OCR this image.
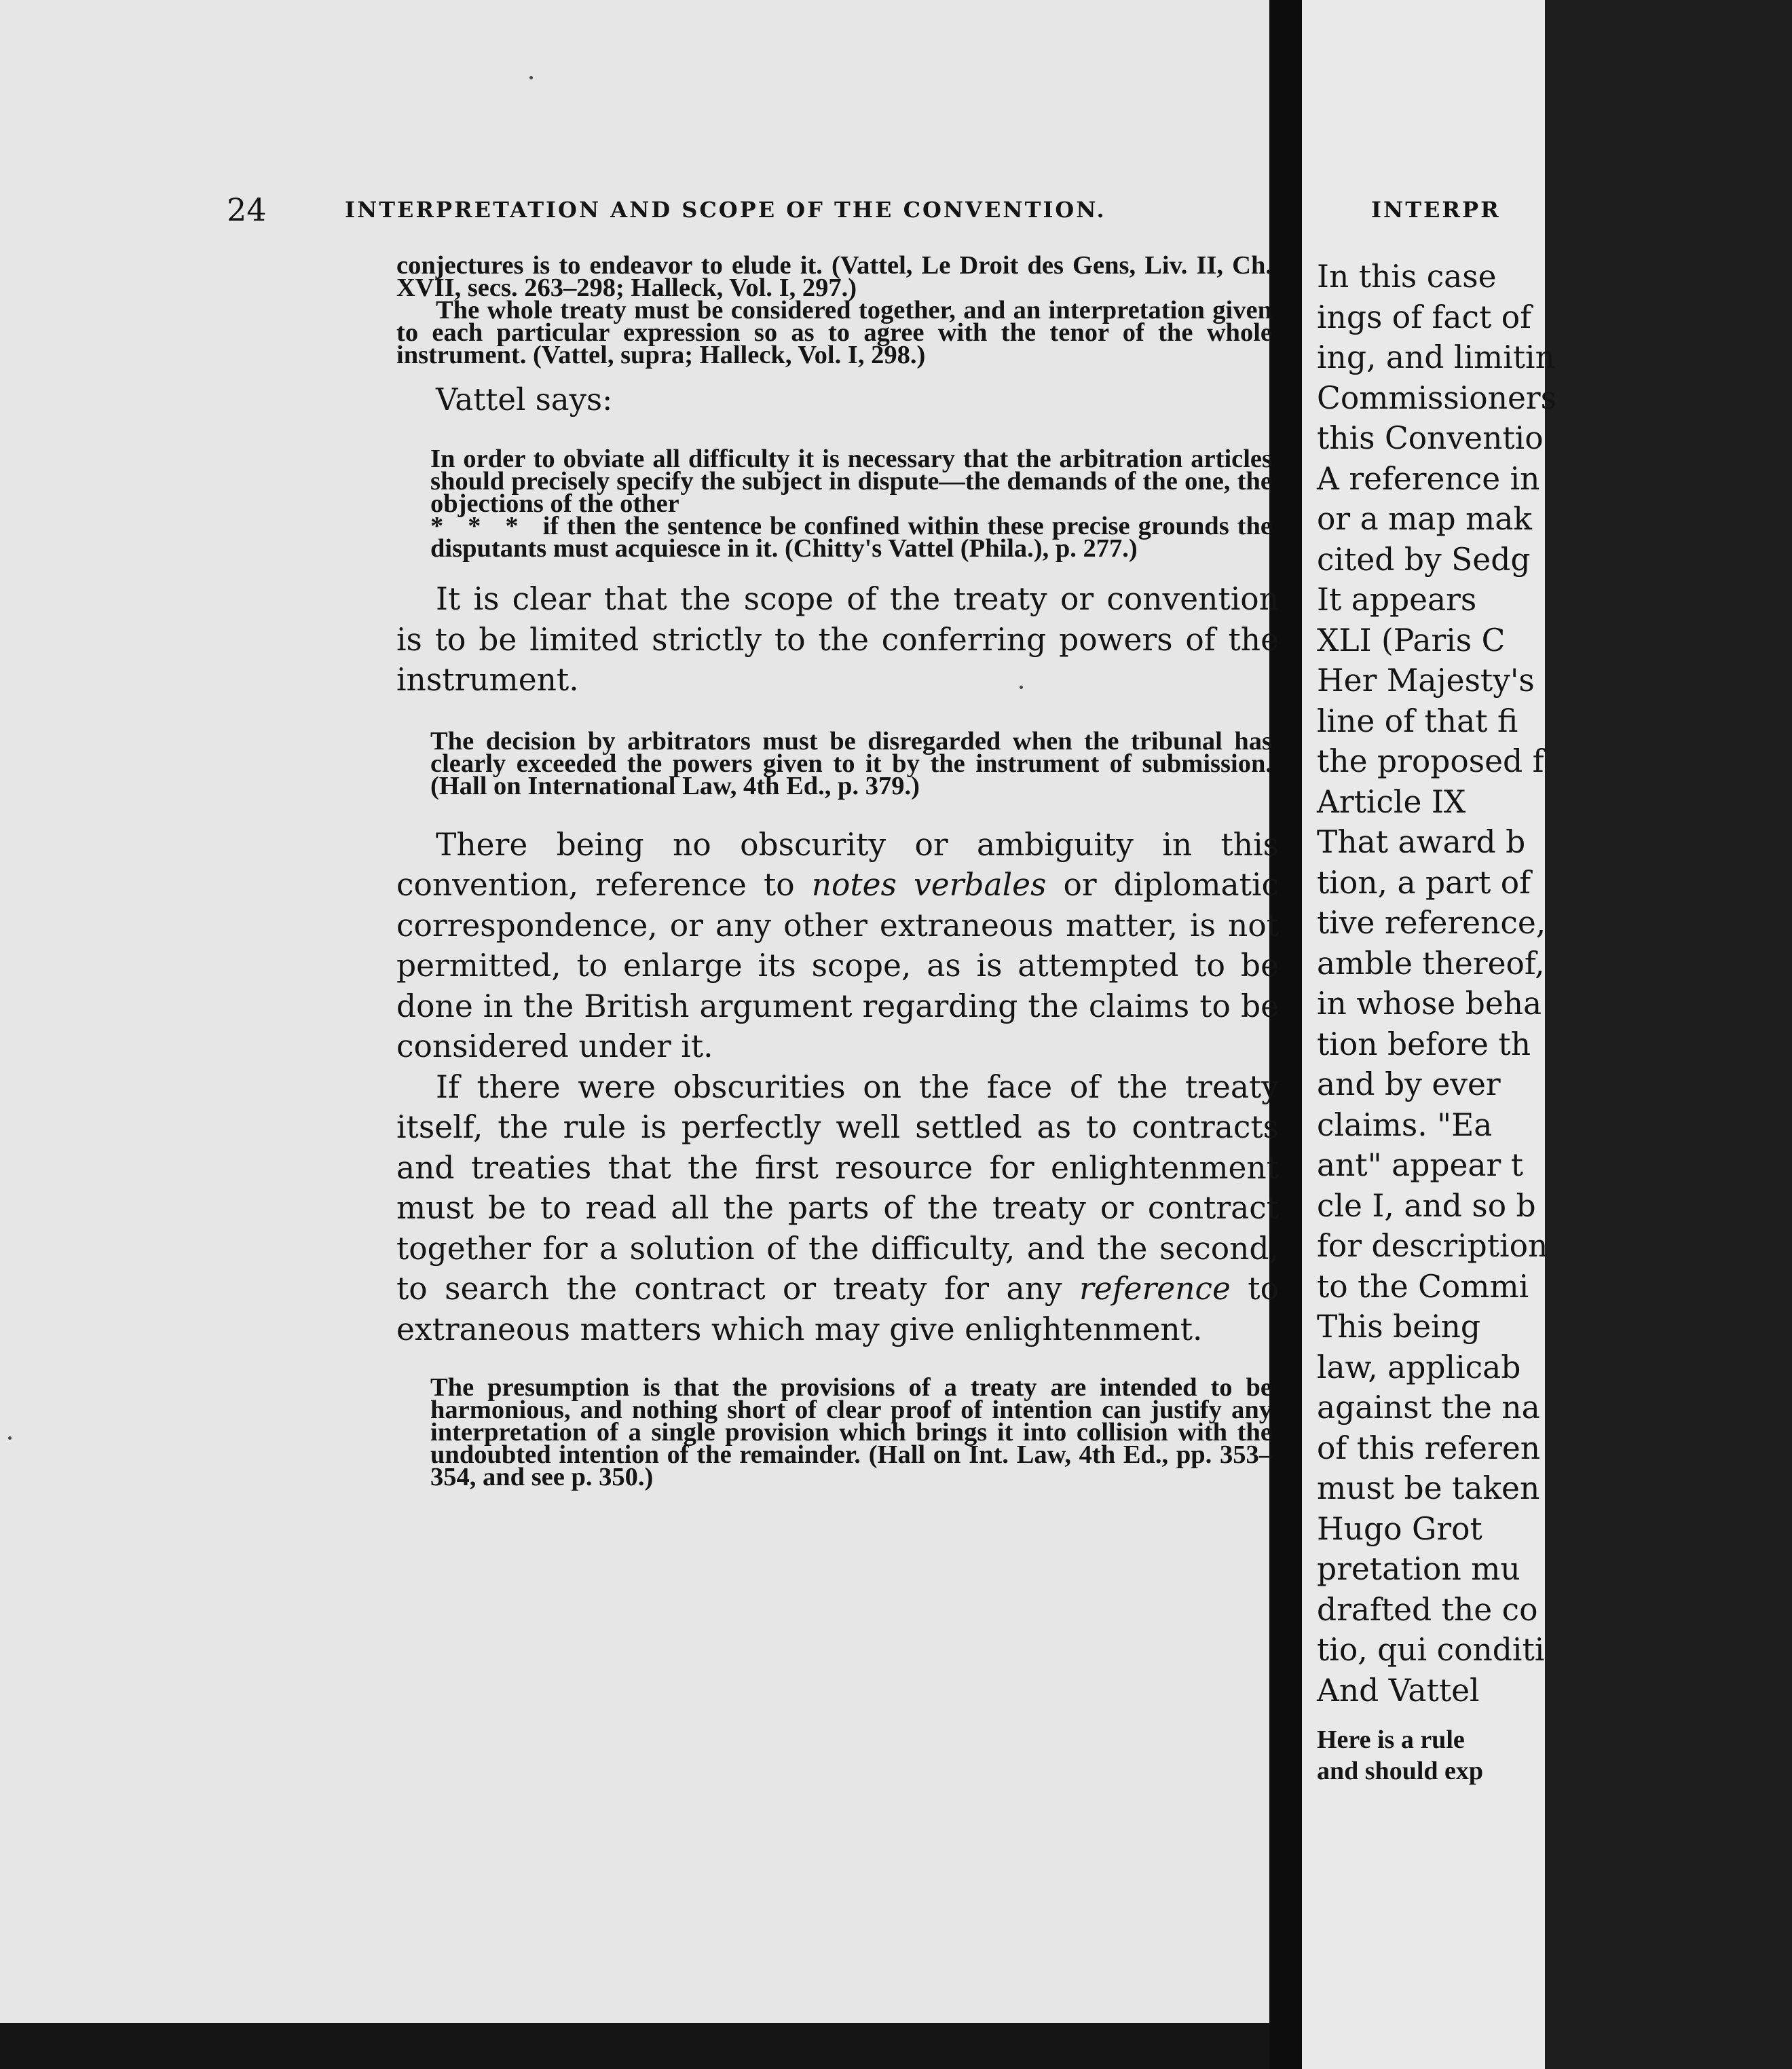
INTERPR
In this case
ings of fact of
ing, and limitin
Commissioners
this Conventio
A reference in
or a map mak
cited by Sedg
It appears
XLI (Paris C
Her Majesty's
line of that fi
the proposed f
Article IX
That award b
tion, a part of
tive reference,
amble thereof,
in whose beha
tion before th
and by ever
claims. "Ea
ant" appear t
cle I, and so b
for description
to the Commi
This being
law, applicab
against the na
of this referen
must be taken
Hugo Grot
pretation mu
drafted the co
tio, qui conditi
And Vattel
Here is a rule
and should exp
24	INTERPRETATION AND SCOPE OF THE CONVENTION.

conjectures is to endeavor to elude it. (Vattel, Le Droit des Gens, Liv. II, Ch. XVII, secs. 263–298; Halleck, Vol. I, 297.)

The whole treaty must be considered together, and an interpretation given to each particular expression so as to agree with the tenor of the whole instrument. (Vattel, supra; Halleck, Vol. I, 298.)

Vattel says:

In order to obviate all difficulty it is necessary that the arbitration articles should precisely specify the subject in dispute—the demands of the one, the objections of the other

*   *   *   if then the sentence be confined within these precise grounds the disputants must acquiesce in it. (Chitty's Vattel (Phila.), p. 277.)

It is clear that the scope of the treaty or convention is to be limited strictly to the conferring powers of the instrument.

The decision by arbitrators must be disregarded when the tribunal has clearly exceeded the powers given to it by the instrument of submission. (Hall on International Law, 4th Ed., p. 379.)

There being no obscurity or ambiguity in this convention, reference to notes verbales or diplomatic correspondence, or any other extraneous matter, is not permitted, to enlarge its scope, as is attempted to be done in the British argument regarding the claims to be considered under it.

If there were obscurities on the face of the treaty itself, the rule is perfectly well settled as to contracts and treaties that the first resource for enlightenment must be to read all the parts of the treaty or contract together for a solution of the difficulty, and the second, to search the contract or treaty for any reference to extraneous matters which may give enlightenment.

The presumption is that the provisions of a treaty are intended to be harmonious, and nothing short of clear proof of intention can justify any interpretation of a single provision which brings it into collision with the undoubted intention of the remainder. (Hall on Int. Law, 4th Ed., pp. 353–354, and see p. 350.)
